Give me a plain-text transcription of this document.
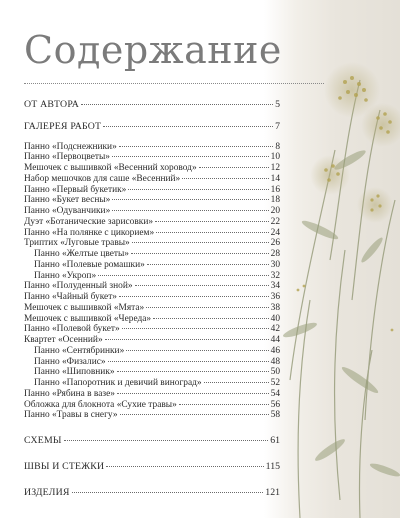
Содержание
ОТ АВТОРА	5
ГАЛЕРЕЯ РАБОТ	7
Панно «Подснежники»	8
Панно «Первоцветы»	10
Мешочек с вышивкой «Весенний хоровод»	12
Набор мешочков для саше «Весенний»	14
Панно «Первый букетик»	16
Панно «Букет весны»	18
Панно «Одуванчики»	20
Дуэт «Ботанические зарисовки»	22
Панно «На полянке с цикорием»	24
Триптих «Луговые травы»	26
Панно «Желтые цветы»	28
Панно «Полевые ромашки»	30
Панно «Укроп»	32
Панно «Полуденный зной»	34
Панно «Чайный букет»	36
Мешочек с вышивкой «Мята»	38
Мешочек с вышивкой «Череда»	40
Панно «Полевой букет»	42
Квартет «Осенний»	44
Панно «Сентябринки»	46
Панно «Физалис»	48
Панно «Шиповник»	50
Панно «Папоротник и девичий виноград»	52
Панно «Рябина в вазе»	54
Обложка для блокнота «Сухие травы»	56
Панно «Травы в снегу»	58
СХЕМЫ	61
ШВЫ И СТЕЖКИ	115
ИЗДЕЛИЯ	121
